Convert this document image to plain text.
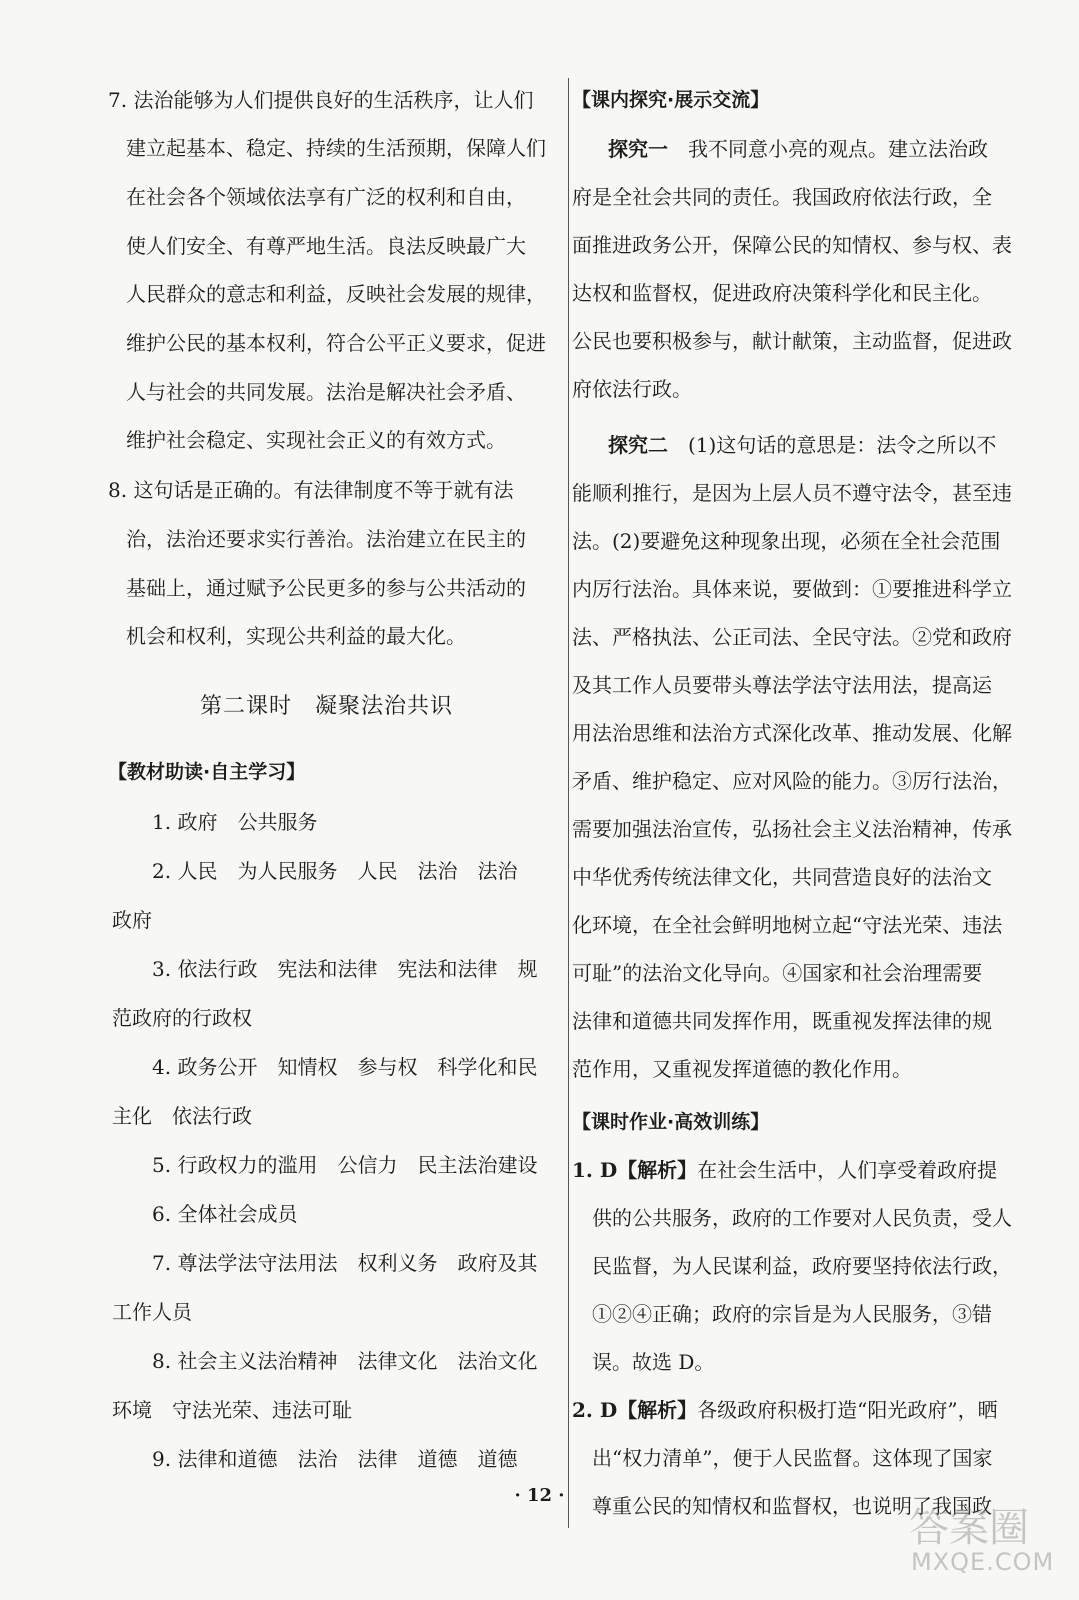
7. 法治能够为人们提供良好的生活秩序，让人们
建立起基本、稳定、持续的生活预期，保障人们
在社会各个领域依法享有广泛的权利和自由，
使人们安全、有尊严地生活。良法反映最广大
人民群众的意志和利益，反映社会发展的规律，
维护公民的基本权利，符合公平正义要求，促进
人与社会的共同发展。法治是解决社会矛盾、
维护社会稳定、实现社会正义的有效方式。
8. 这句话是正确的。有法律制度不等于就有法
治，法治还要求实行善治。法治建立在民主的
基础上，通过赋予公民更多的参与公共活动的
机会和权利，实现公共利益的最大化。
第二课时　凝聚法治共识
【教材助读·自主学习】
1. 政府　公共服务
2. 人民　为人民服务　人民　法治　法治
政府
3. 依法行政　宪法和法律　宪法和法律　规
范政府的行政权
4. 政务公开　知情权　参与权　科学化和民
主化　依法行政
5. 行政权力的滥用　公信力　民主法治建设
6. 全体社会成员
7. 尊法学法守法用法　权利义务　政府及其
工作人员
8. 社会主义法治精神　法律文化　法治文化
环境　守法光荣、违法可耻
9. 法律和道德　法治　法律　道德　道德
【课内探究·展示交流】
探究一　 我不同意小亮的观点。建立法治政
府是全社会共同的责任。我国政府依法行政，全
面推进政务公开，保障公民的知情权、参与权、表
达权和监督权，促进政府决策科学化和民主化。
公民也要积极参与，献计献策，主动监督，促进政
府依法行政。
探究二　 (1)这句话的意思是：法令之所以不
能顺利推行，是因为上层人员不遵守法令，甚至违
法。(2)要避免这种现象出现，必须在全社会范围
内厉行法治。具体来说，要做到：①要推进科学立
法、严格执法、公正司法、全民守法。②党和政府
及其工作人员要带头尊法学法守法用法，提高运
用法治思维和法治方式深化改革、推动发展、化解
矛盾、维护稳定、应对风险的能力。③厉行法治，
需要加强法治宣传，弘扬社会主义法治精神，传承
中华优秀传统法律文化，共同营造良好的法治文
化环境，在全社会鲜明地树立起“守法光荣、违法
可耻”的法治文化导向。④国家和社会治理需要
法律和道德共同发挥作用，既重视发挥法律的规
范作用，又重视发挥道德的教化作用。
【课时作业·高效训练】
1. D【解析】在社会生活中，人们享受着政府提
供的公共服务，政府的工作要对人民负责，受人
民监督，为人民谋利益，政府要坚持依法行政，
①②④正确；政府的宗旨是为人民服务，③错
误。故选 D。
2. D【解析】各级政府积极打造“阳光政府”，晒
出“权力清单”，便于人民监督。这体现了国家
尊重公民的知情权和监督权，也说明了我国政
· 12 ·
答案圈
MXQE.COM
